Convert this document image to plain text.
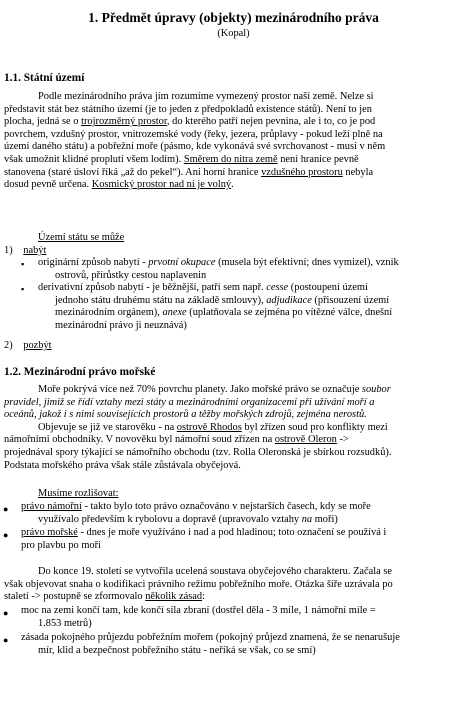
1. Předmět úpravy (objekty) mezinárodního práva
(Kopal)
1.1. Státní území
Podle mezinárodního práva jím rozumíme vymezený prostor naší země. Nelze si
představit stát bez státního území (je to jeden z předpokladů existence států). Není to jen
plocha, jedná se o trojrozměrný prostor, do kterého patří nejen pevnina, ale i to, co je pod
povrchem, vzdušný prostor, vnitrozemské vody (řeky, jezera, průplavy - pokud leží plně na
území daného státu) a pobřežní moře (pásmo, kde vykonává své svrchovanost - musí v něm
však umožnit klidné proplutí všem lodím). Směrem do nitra země není hranice pevně
stanovena (staré úsloví říká „až do pekel“). Ani horní hranice vzdušného prostoru nebyla
dosud pevně určena. Kosmický prostor nad ní je volný.
Území státu se může
1) nabýt
▪ originární způsob nabytí - prvotní okupace (musela být efektivní; dnes vymizel), vznik
ostrovů, přírůstky cestou naplavenin
▪ derivativní způsob nabytí - je běžnější, patří sem např. cesse (postoupení území
jednoho státu druhému státu na základě smlouvy), adjudikace (přisouzení území
mezinárodním orgánem), anexe (uplatňovala se zejména po vítězné válce, dnešní
mezinárodní právo ji neuznává)
2) pozbýt
1.2. Mezinárodní právo mořské
Moře pokrývá více než 70% povrchu planety. Jako mořské právo se označuje soubor
pravidel, jimiž se řídí vztahy mezi státy a mezinárodními organizacemi při užívání moří a
oceánů, jakož i s nimi souvisejících prostorů a těžby mořských zdrojů, zejména nerostů.
Objevuje se již ve starověku - na ostrově Rhodos byl zřízen soud pro konflikty mezi
námořními obchodníky. V novověku byl námořní soud zřízen na ostrově Oleron ->
projednával spory týkající se námořního obchodu (tzv. Rolla Oleronská je sbírkou rozsudků).
Podstata mořského práva však stále zůstávala obyčejová.
Musíme rozlišovat:
● právo námořní - takto bylo toto právo označováno v nejstarších časech, kdy se moře
využívalo především k rybolovu a dopravě (upravovalo vztahy na moři)
● právo mořské - dnes je moře využíváno i nad a pod hladinou; toto označení se používá i
pro plavbu po moři
Do konce 19. století se vytvořila ucelená soustava obyčejového charakteru. Začala se
však objevovat snaha o kodifikaci právního režimu pobřežního moře. Otázka šíře uzrávala po
staletí -> postupně se zformovalo několik zásad:
● moc na zemi končí tam, kde končí síla zbraní (dostřel děla - 3 míle, 1 námořní míle =
1.853 metrů)
● zásada pokojného průjezdu pobřežním mořem (pokojný průjezd znamená, že se nenarušuje
mír, klid a bezpečnost pobřežního státu - neříká se však, co se smí)
